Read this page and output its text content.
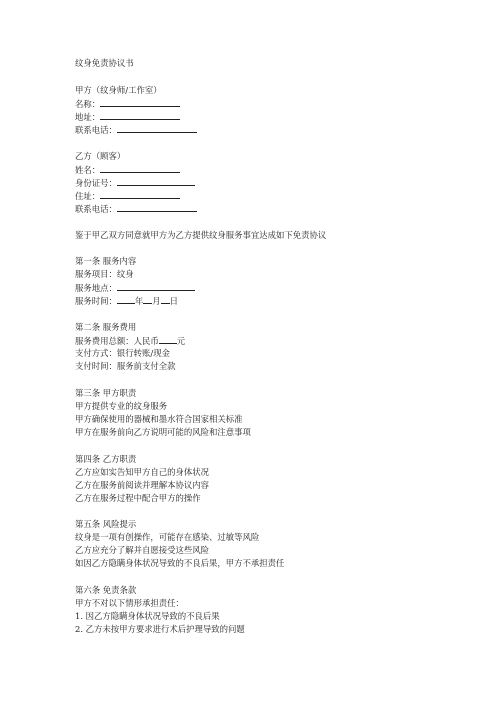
纹身免责协议书
甲方（纹身师/工作室）
名称：
地址：
联系电话：
乙方（顾客）
姓名：
身份证号：
住址：
联系电话：
鉴于甲乙双方同意就甲方为乙方提供纹身服务事宜达成如下免责协议
第一条 服务内容
服务项目：纹身
服务地点：
服务时间： 年 月 日
第二条 服务费用
服务费用总额：人民币 元
支付方式：银行转账/现金
支付时间：服务前支付全款
第三条 甲方职责
甲方提供专业的纹身服务
甲方确保使用的器械和墨水符合国家相关标准
甲方在服务前向乙方说明可能的风险和注意事项
第四条 乙方职责
乙方应如实告知甲方自己的身体状况
乙方在服务前阅读并理解本协议内容
乙方在服务过程中配合甲方的操作
第五条 风险提示
纹身是一项有创操作，可能存在感染、过敏等风险
乙方应充分了解并自愿接受这些风险
如因乙方隐瞒身体状况导致的不良后果，甲方不承担责任
第六条 免责条款
甲方不对以下情形承担责任：
1. 因乙方隐瞒身体状况导致的不良后果
2. 乙方未按甲方要求进行术后护理导致的问题
